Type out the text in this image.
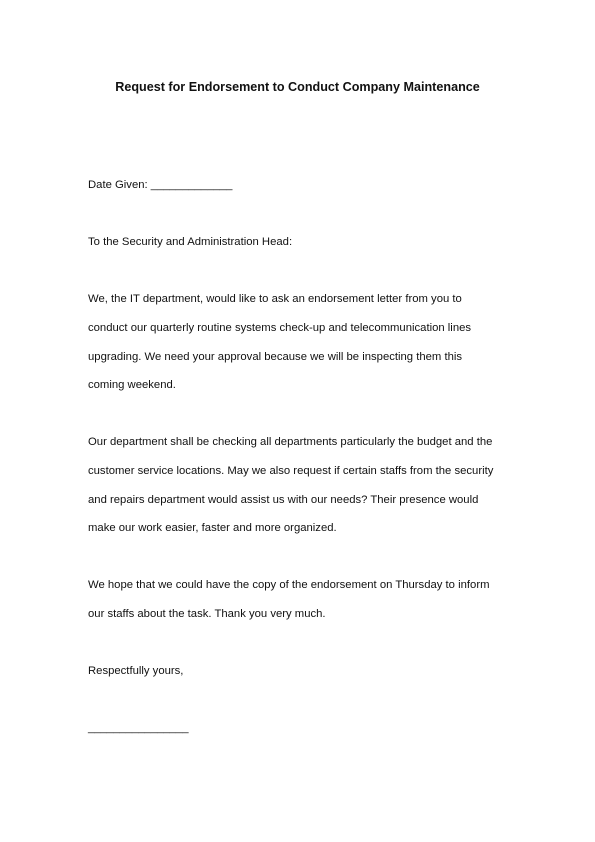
Request for Endorsement to Conduct Company Maintenance

Date Given: _____________

To the Security and Administration Head:

We, the IT department, would like to ask an endorsement letter from you to

conduct our quarterly routine systems check-up and telecommunication lines

upgrading. We need your approval because we will be inspecting them this

coming weekend.

Our department shall be checking all departments particularly the budget and the

customer service locations. May we also request if certain staffs from the security

and repairs department would assist us with our needs? Their presence would

make our work easier, faster and more organized.

We hope that we could have the copy of the endorsement on Thursday to inform

our staffs about the task. Thank you very much.

Respectfully yours,

________________
